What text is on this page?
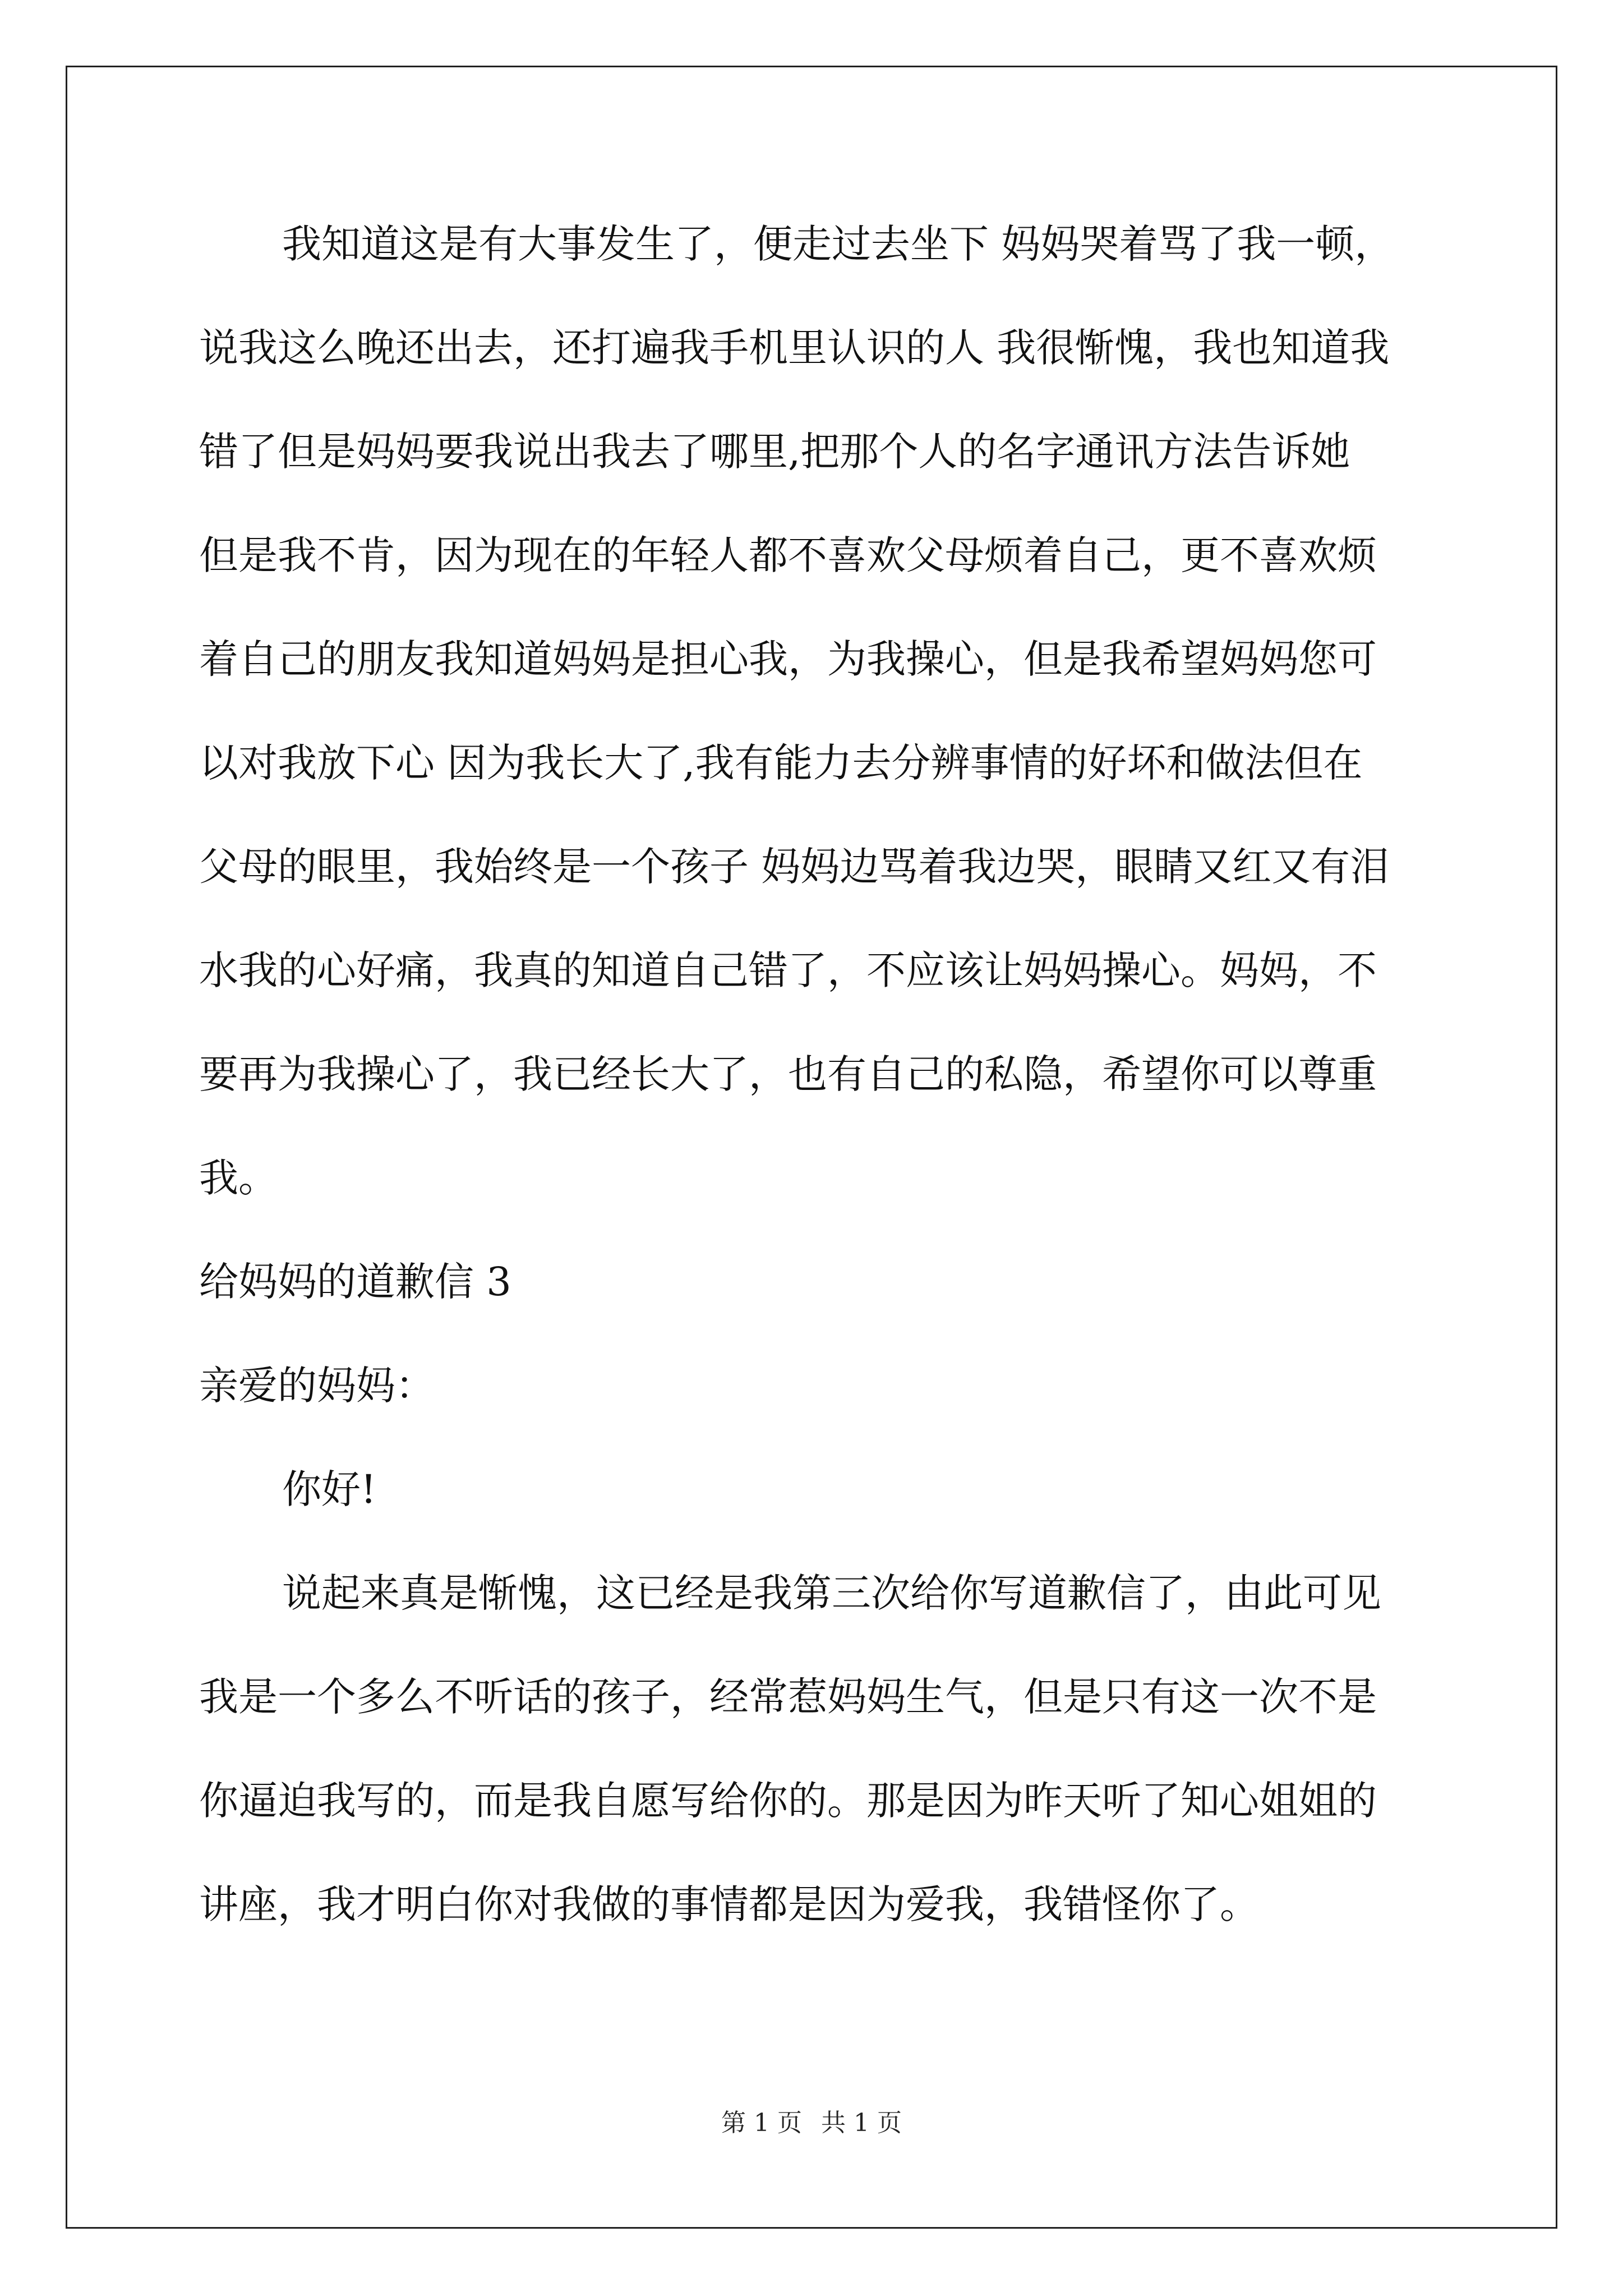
我知道这是有大事发生了，便走过去坐下 妈妈哭着骂了我一顿，
说我这么晚还出去，还打遍我手机里认识的人 我很惭愧，我也知道我
错了但是妈妈要我说出我去了哪里,把那个人的名字通讯方法告诉她
但是我不肯，因为现在的年轻人都不喜欢父母烦着自己，更不喜欢烦
着自己的朋友我知道妈妈是担心我，为我操心，但是我希望妈妈您可
以对我放下心 因为我长大了,我有能力去分辨事情的好坏和做法但在
父母的眼里，我始终是一个孩子 妈妈边骂着我边哭，眼睛又红又有泪
水我的心好痛，我真的知道自己错了，不应该让妈妈操心。妈妈，不
要再为我操心了，我已经长大了，也有自己的私隐，希望你可以尊重
我。
给妈妈的道歉信 3
亲爱的妈妈：
你好!
说起来真是惭愧，这已经是我第三次给你写道歉信了，由此可见
我是一个多么不听话的孩子，经常惹妈妈生气，但是只有这一次不是
你逼迫我写的，而是我自愿写给你的。那是因为昨天听了知心姐姐的
讲座，我才明白你对我做的事情都是因为爱我，我错怪你了。
第 1 页 共 1 页
